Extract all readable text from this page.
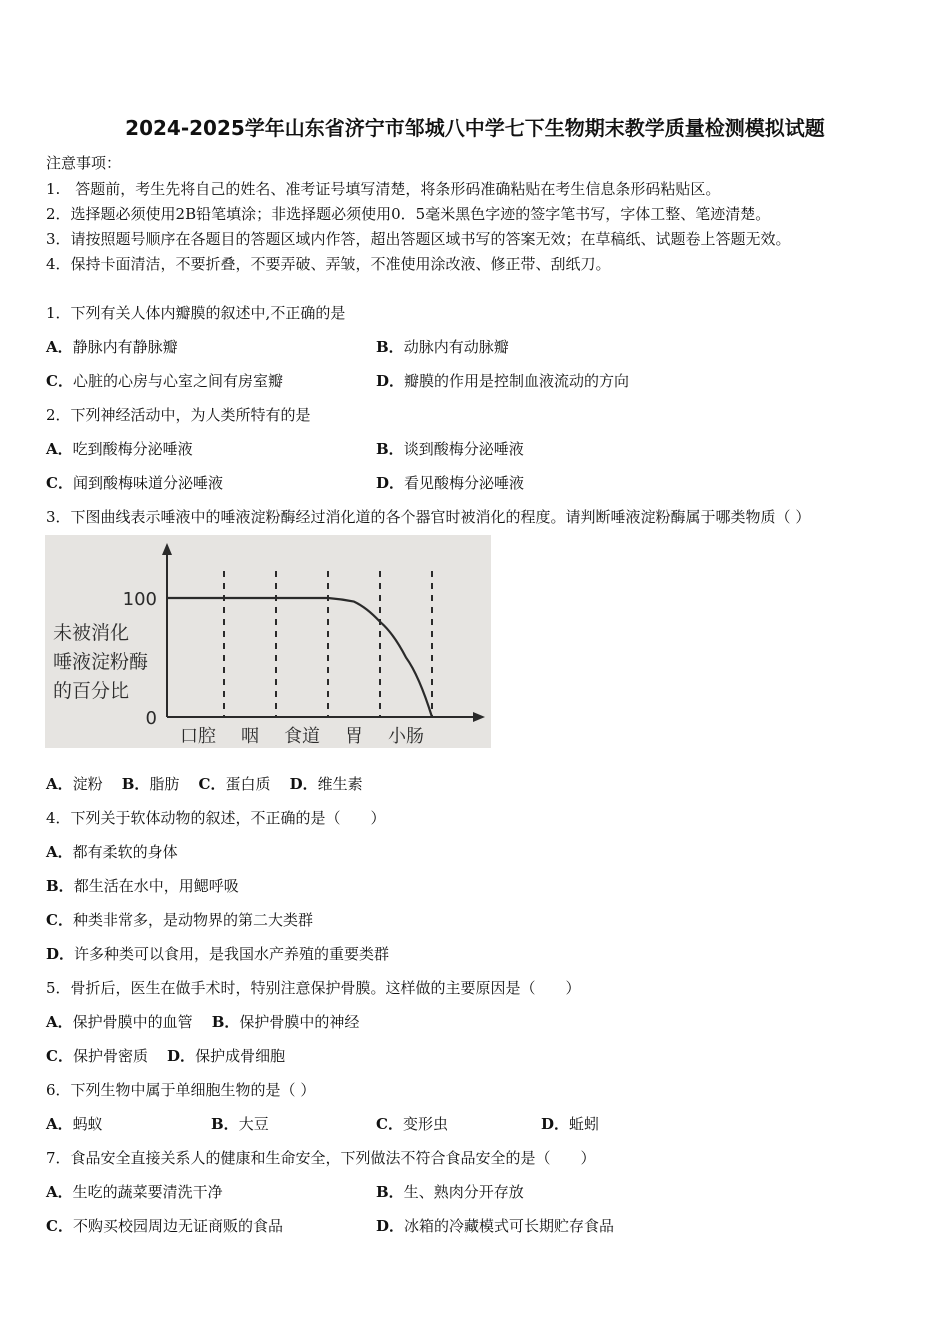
2024-2025学年山东省济宁市邹城八中学七下生物期末教学质量检测模拟试题
注意事项：
1.　答题前，考生先将自己的姓名、准考证号填写清楚，将条形码准确粘贴在考生信息条形码粘贴区。
2．选择题必须使用2B铅笔填涂；非选择题必须使用0．5毫米黑色字迹的签字笔书写，字体工整、笔迹清楚。
3．请按照题号顺序在各题目的答题区域内作答，超出答题区域书写的答案无效；在草稿纸、试题卷上答题无效。
4．保持卡面清洁，不要折叠，不要弄破、弄皱，不准使用涂改液、修正带、刮纸刀。
1．下列有关人体内瓣膜的叙述中,不正确的是
A．静脉内有静脉瓣	B．动脉内有动脉瓣
C．心脏的心房与心室之间有房室瓣	D．瓣膜的作用是控制血液流动的方向
2．下列神经活动中，为人类所特有的是
A．吃到酸梅分泌唾液	B．谈到酸梅分泌唾液
C．闻到酸梅味道分泌唾液	D．看见酸梅分泌唾液
3．下图曲线表示唾液中的唾液淀粉酶经过消化道的各个器官时被消化的程度。请判断唾液淀粉酶属于哪类物质（ ）
100
0
未被消化
唾液淀粉酶
的百分比
口腔 咽 食道 胃 小肠
A．淀粉 B．脂肪 C．蛋白质 D．维生素
4．下列关于软体动物的叙述，不正确的是（　　）
A．都有柔软的身体
B．都生活在水中，用鳃呼吸
C．种类非常多，是动物界的第二大类群
D．许多种类可以食用，是我国水产养殖的重要类群
5．骨折后，医生在做手术时，特别注意保护骨膜。这样做的主要原因是（　　）
A．保护骨膜中的血管 B．保护骨膜中的神经
C．保护骨密质 D．保护成骨细胞
6．下列生物中属于单细胞生物的是（ ）
A．蚂蚁	B．大豆	C．变形虫	D．蚯蚓
7．食品安全直接关系人的健康和生命安全，下列做法不符合食品安全的是（　　）
A．生吃的蔬菜要清洗干净	B．生、熟肉分开存放
C．不购买校园周边无证商贩的食品	D．冰箱的冷藏模式可长期贮存食品
